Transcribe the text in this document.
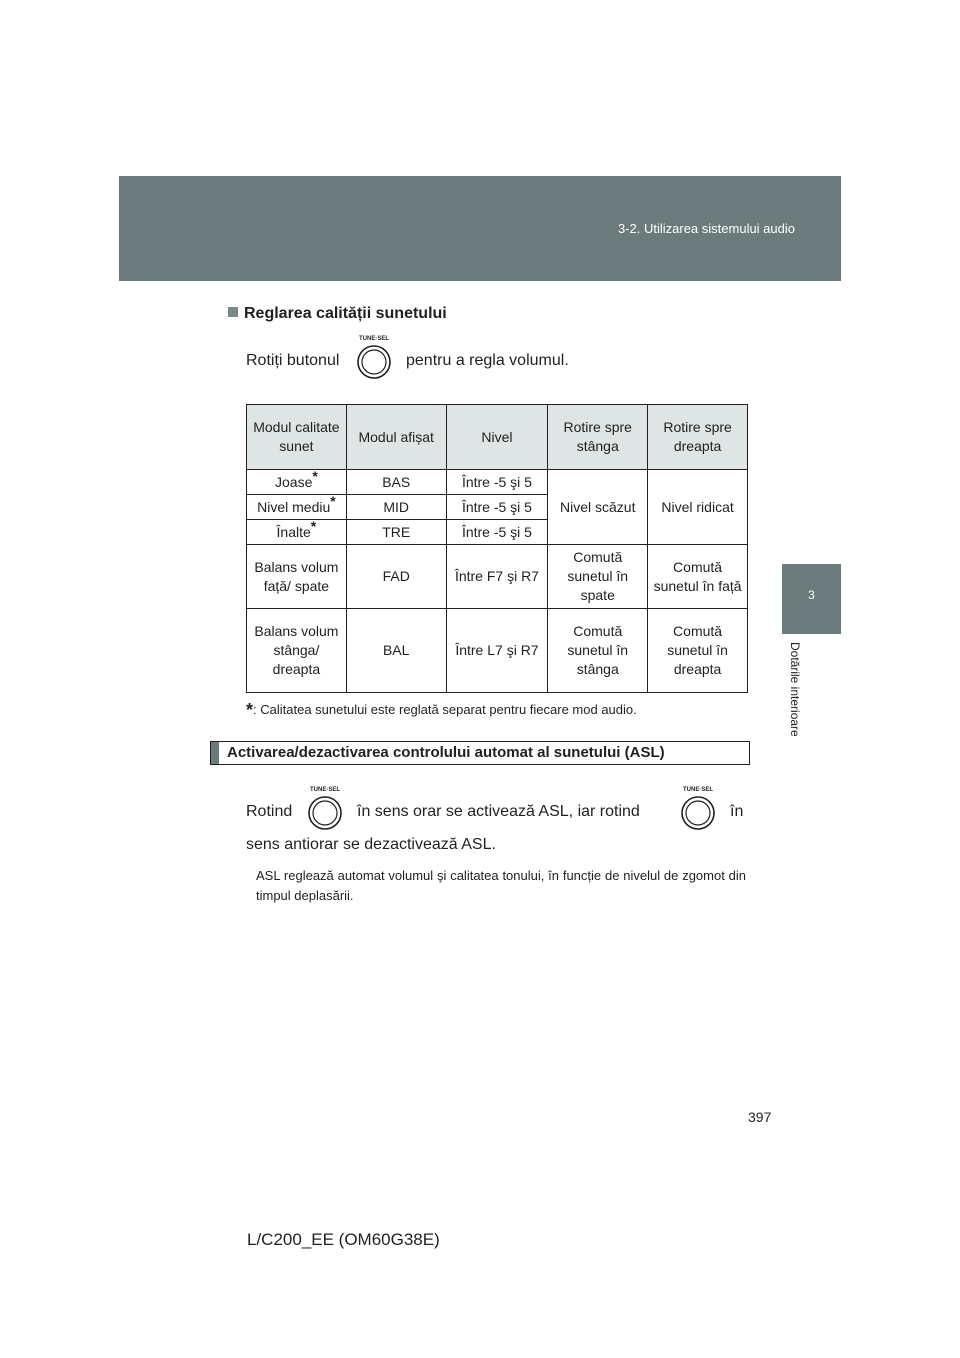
3-2. Utilizarea sistemului audio
3
Dotările interioare
Reglarea calității sunetului
Rotiți butonul
TUNE·SEL
pentru a regla volumul.
Modul calitate sunet	Modul afișat	Nivel	Rotire spre stânga	Rotire spre dreapta
Joase*	BAS	Între -5 şi 5	Nivel scăzut	Nivel ridicat
Nivel mediu*	MID	Între -5 şi 5		
Înalte*	TRE	Între -5 şi 5		
Balans volum față/ spate	FAD	Între F7 şi R7	Comută sunetul în spate	Comută sunetul în față
Balans volum stânga/ dreapta	BAL	Între L7 şi R7	Comută sunetul în stânga	Comută sunetul în dreapta
*: Calitatea sunetului este reglată separat pentru fiecare mod audio.
Activarea/dezactivarea controlului automat al sunetului (ASL)
Rotind
TUNE·SEL
în sens orar se activează ASL, iar rotind
TUNE·SEL
în
sens antiorar se dezactivează ASL.
ASL reglează automat volumul şi calitatea tonului, în funcție de nivelul de zgomot din timpul deplasării.
397
L/C200_EE (OM60G38E)
